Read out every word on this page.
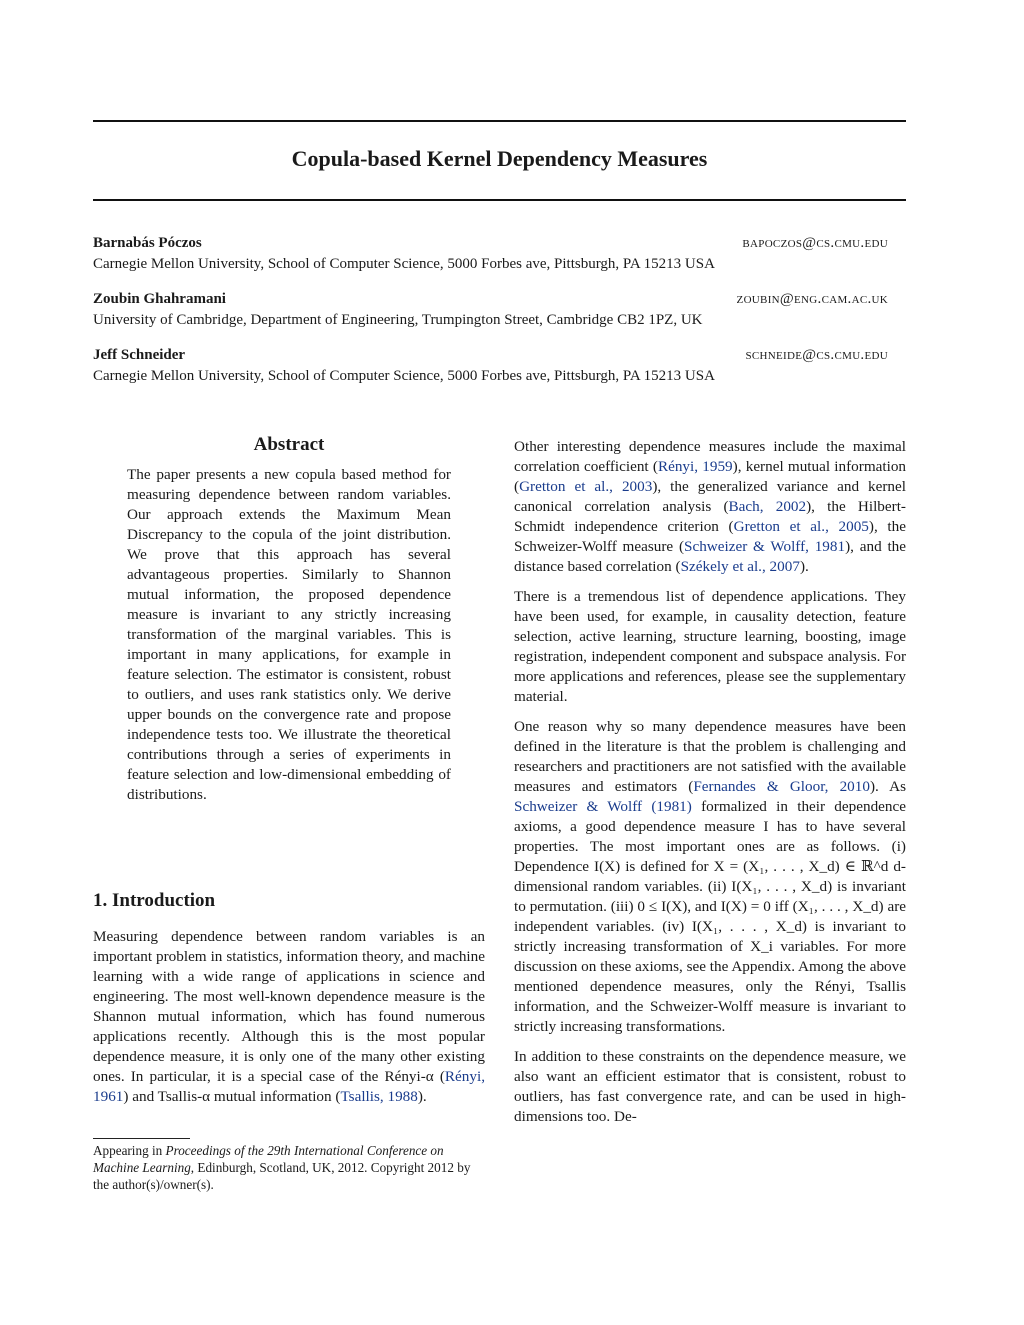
Copula-based Kernel Dependency Measures
Barnabás Póczos	bapoczos@cs.cmu.edu
Carnegie Mellon University, School of Computer Science, 5000 Forbes ave, Pittsburgh, PA 15213 USA
Zoubin Ghahramani	zoubin@eng.cam.ac.uk
University of Cambridge, Department of Engineering, Trumpington Street, Cambridge CB2 1PZ, UK
Jeff Schneider	schneide@cs.cmu.edu
Carnegie Mellon University, School of Computer Science, 5000 Forbes ave, Pittsburgh, PA 15213 USA
Abstract
The paper presents a new copula based method for measuring dependence between random variables. Our approach extends the Maximum Mean Discrepancy to the copula of the joint distribution. We prove that this approach has several advantageous properties. Similarly to Shannon mutual information, the proposed dependence measure is invariant to any strictly increasing transformation of the marginal variables. This is important in many applications, for example in feature selection. The estimator is consistent, robust to outliers, and uses rank statistics only. We derive upper bounds on the convergence rate and propose independence tests too. We illustrate the theoretical contributions through a series of experiments in feature selection and low-dimensional embedding of distributions.
1. Introduction
Measuring dependence between random variables is an important problem in statistics, information theory, and machine learning with a wide range of applications in science and engineering. The most well-known dependence measure is the Shannon mutual information, which has found numerous applications recently. Although this is the most popular dependence measure, it is only one of the many other existing ones. In particular, it is a special case of the Rényi-α (Rényi, 1961) and Tsallis-α mutual information (Tsallis, 1988).
Appearing in Proceedings of the 29th International Conference on Machine Learning, Edinburgh, Scotland, UK, 2012. Copyright 2012 by the author(s)/owner(s).

Other interesting dependence measures include the maximal correlation coefficient (Rényi, 1959), kernel mutual information (Gretton et al., 2003), the generalized variance and kernel canonical correlation analysis (Bach, 2002), the Hilbert-Schmidt independence criterion (Gretton et al., 2005), the Schweizer-Wolff measure (Schweizer & Wolff, 1981), and the distance based correlation (Székely et al., 2007).

There is a tremendous list of dependence applications. They have been used, for example, in causality detection, feature selection, active learning, structure learning, boosting, image registration, independent component and subspace analysis. For more applications and references, please see the supplementary material.

One reason why so many dependence measures have been defined in the literature is that the problem is challenging and researchers and practitioners are not satisfied with the available measures and estimators (Fernandes & Gloor, 2010). As Schweizer & Wolff (1981) formalized in their dependence axioms, a good dependence measure I has to have several properties. The most important ones are as follows. (i) Dependence I(X) is defined for X = (X₁, . . . , X_d) ∈ ℝ^d d-dimensional random variables. (ii) I(X₁, . . . , X_d) is invariant to permutation. (iii) 0 ≤ I(X), and I(X) = 0 iff (X₁, . . . , X_d) are independent variables. (iv) I(X₁, . . . , X_d) is invariant to strictly increasing transformation of X_i variables. For more discussion on these axioms, see the Appendix. Among the above mentioned dependence measures, only the Rényi, Tsallis information, and the Schweizer-Wolff measure is invariant to strictly increasing transformations.

In addition to these constraints on the dependence measure, we also want an efficient estimator that is consistent, robust to outliers, has fast convergence rate, and can be used in high-dimensions too. De-
